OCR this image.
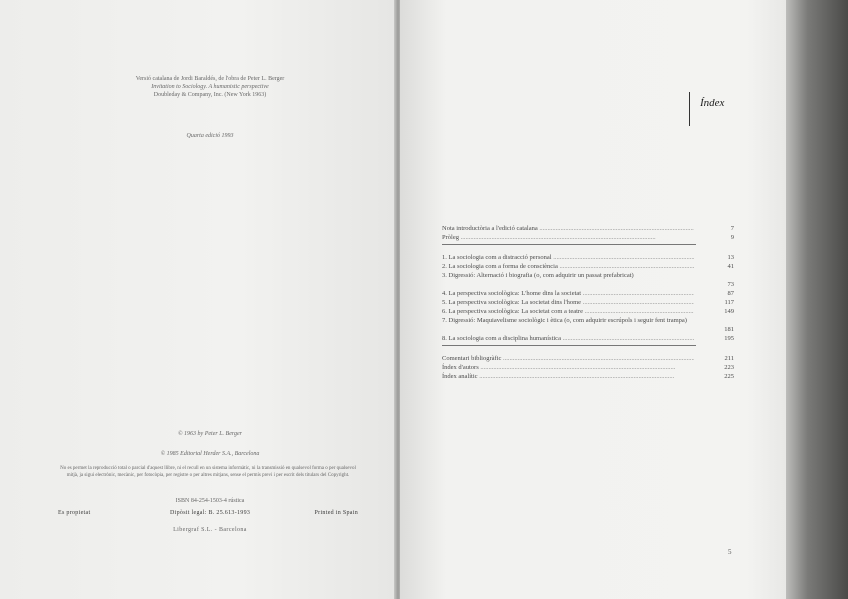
Versió catalana de Jordi Baraldés, de l'obra de Peter L. Berger
Invitation to Sociology. A humanistic perspective
Doubleday & Company, Inc. (New York 1963)
Quarta edició 1993
© 1963 by Peter L. Berger
© 1985 Editorial Herder S.A., Barcelona
No es permet la reproducció total o parcial d'aquest llibre, ni el recull en un sistema informàtic, ni la transmissió en qualsevol forma o per qualsevol mitjà, ja sigui electrònic, mecànic, per fotocòpia, per registre o per altres mitjans, sense el permís previ i per escrit dels titulars del Copyright.
ISBN 84-254-1503-4 rústica
Es propietat	Dipòsit legal: B. 25.613-1993	Printed in Spain
Libergraf S.L. - Barcelona
Índex
Nota introductòria a l'edició catalana .....	7
Pròleg .....	9
1. La sociologia com a distracció personal .....	13
2. La sociologia com a forma de consciència .....	41
3. Digressió: Alternació i biografia (o, com adquirir un passat prefabricat)
73
4. La perspectiva sociològica: L'home dins la societat .....	87
5. La perspectiva sociològica: La societat dins l'home .....	117
6. La perspectiva sociològica: La societat com a teatre .....	149
7. Digressió: Maquiavelisme sociològic i ètica (o, com adquirir escrúpols i seguir fent trampa)
181
8. La sociologia com a disciplina humanística .....	195
Comentari bibliogràfic .....	211
Índex d'autors .....	223
Índex analític .....	225
5
